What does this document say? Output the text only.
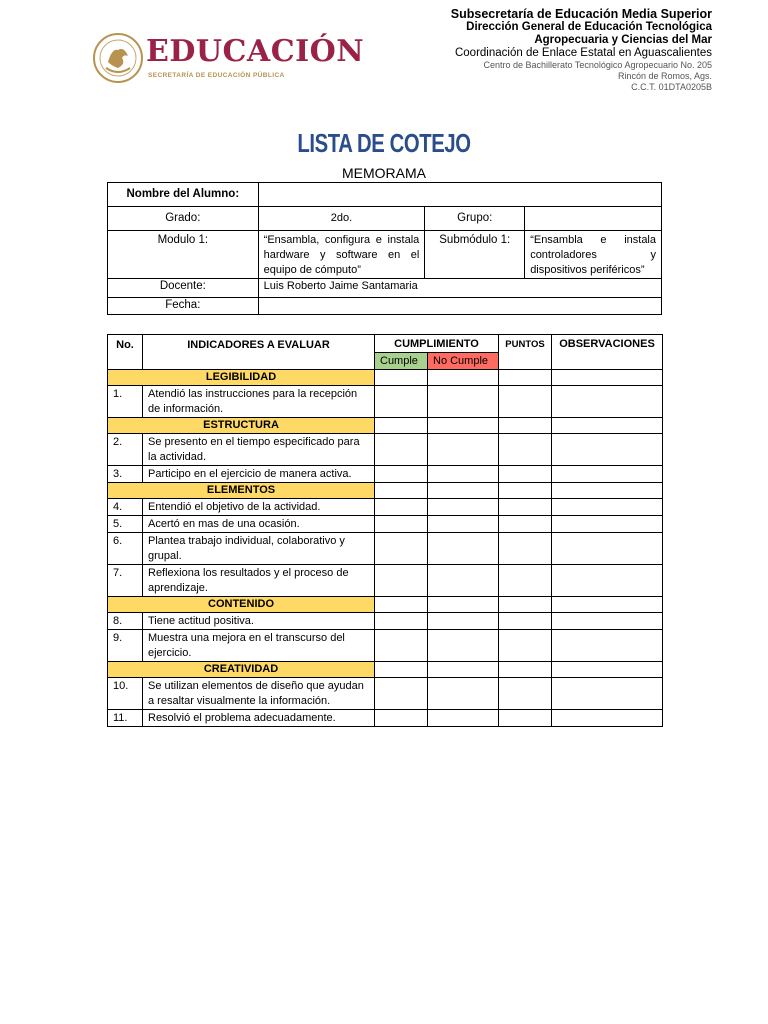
EDUCACIÓN
SECRETARÍA DE EDUCACIÓN PÚBLICA
Subsecretaría de Educación Media Superior
Dirección General de Educación Tecnológica
Agropecuaria y Ciencias del Mar
Coordinación de Enlace Estatal en Aguascalientes
Centro de Bachillerato Tecnológico Agropecuario No. 205
Rincón de Romos, Ags.
C.C.T. 01DTA0205B
LISTA DE COTEJO
MEMORAMA
Nombre del Alumno:			
Grado:	2do.	Grupo:	
Modulo 1:	“Ensambla, configura e instala hardware y software en el equipo de cómputo”	Submódulo 1:	“Ensambla e instala controladores y dispositivos periféricos”
Docente:	Luis Roberto Jaime Santamaria		
Fecha:			
No.	INDICADORES A EVALUAR	CUMPLIMIENTO		PUNTOS	OBSERVACIONES
		Cumple	No Cumple		
LEGIBILIDAD					
1.	Atendió las instrucciones para la recepción de información.				
ESTRUCTURA					
2.	Se presento en el tiempo especificado para la actividad.				
3.	Participo en el ejercicio de manera activa.				
ELEMENTOS					
4.	Entendió el objetivo de la actividad.				
5.	Acertó en mas de una ocasión.				
6.	Plantea trabajo individual, colaborativo y grupal.				
7.	Reflexiona los resultados y el proceso de aprendizaje.				
CONTENIDO					
8.	Tiene actitud positiva.				
9.	Muestra una mejora en el transcurso del ejercicio.				
CREATIVIDAD					
10.	Se utilizan elementos de diseño que ayudan a resaltar visualmente la información.				
11.	Resolvió el problema adecuadamente.				
